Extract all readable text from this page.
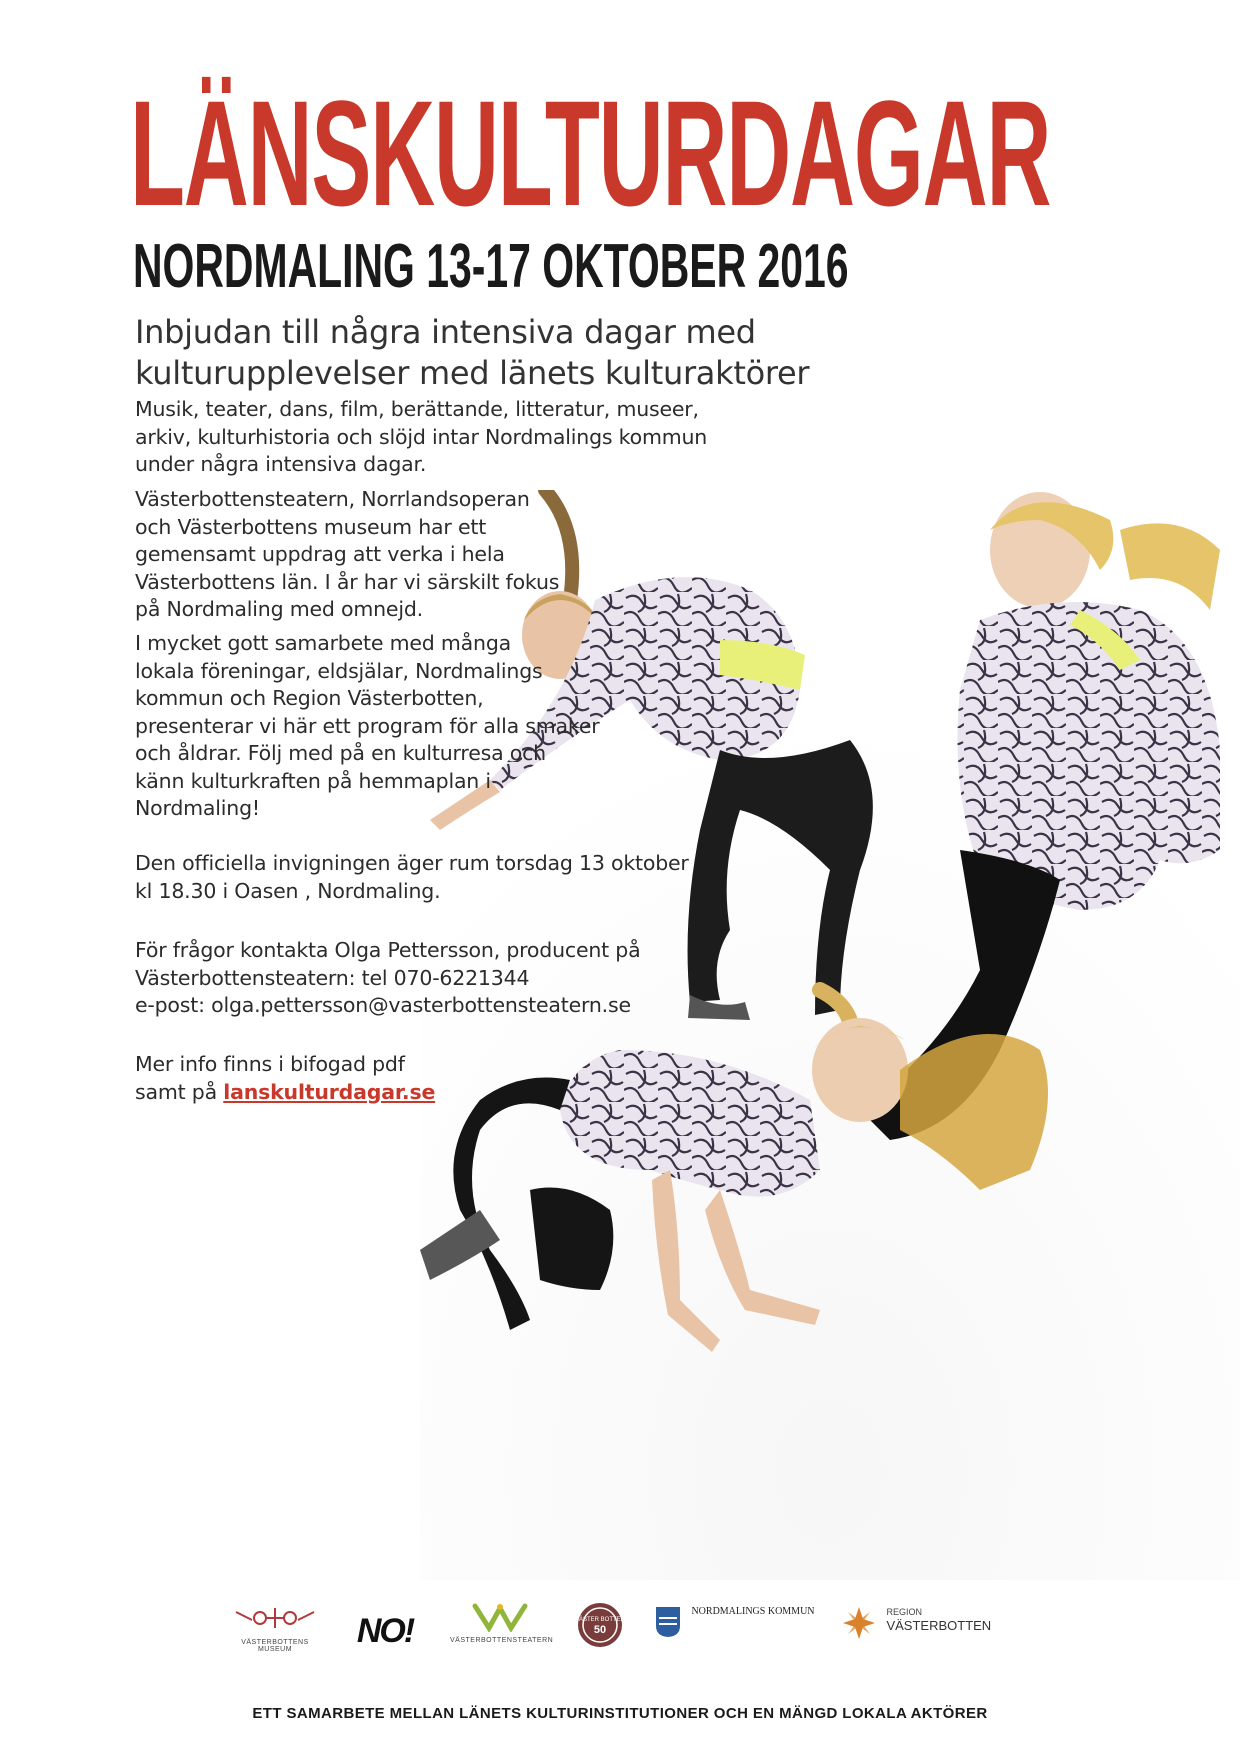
LÄNSKULTURDAGAR
NORDMALING 13-17 OKTOBER 2016
Inbjudan till några intensiva dagar med
kulturupplevelser med länets kulturaktörer

Musik, teater, dans, film, berättande, litteratur, museer,

arkiv, kulturhistoria och slöjd intar Nordmalings kommun

under några intensiva dagar.

Västerbottensteatern, Norrlandsoperan

och Västerbottens museum har ett

gemensamt uppdrag att verka i hela

Västerbottens län. I år har vi särskilt fokus

på Nordmaling med omnejd.

I mycket gott samarbete med många

lokala föreningar, eldsjälar, Nordmalings

kommun och Region Västerbotten,

presenterar vi här ett program för alla smaker

och åldrar. Följ med på en kulturresa och

känn kulturkraften på hemmaplan i

Nordmaling!

Den officiella invigningen äger rum torsdag 13 oktober

kl 18.30 i Oasen , Nordmaling.

För frågor kontakta Olga Pettersson, producent på

Västerbottensteatern: tel 070-6221344

e-post: olga.pettersson@vasterbottensteatern.se

Mer info finns i bifogad pdf

samt på lanskulturdagar.se

VÄSTERBOTTENS
MUSEUM	NO!	VÄSTERBOTTENSTEATERN
VÄSTER BOTTEN
50
$^{NORDMALINGS KOMMUN}$
	REGION
VÄSTERBOTTEN
ETT SAMARBETE MELLAN LÄNETS KULTURINSTITUTIONER OCH EN MÄNGD LOKALA AKTÖRER
